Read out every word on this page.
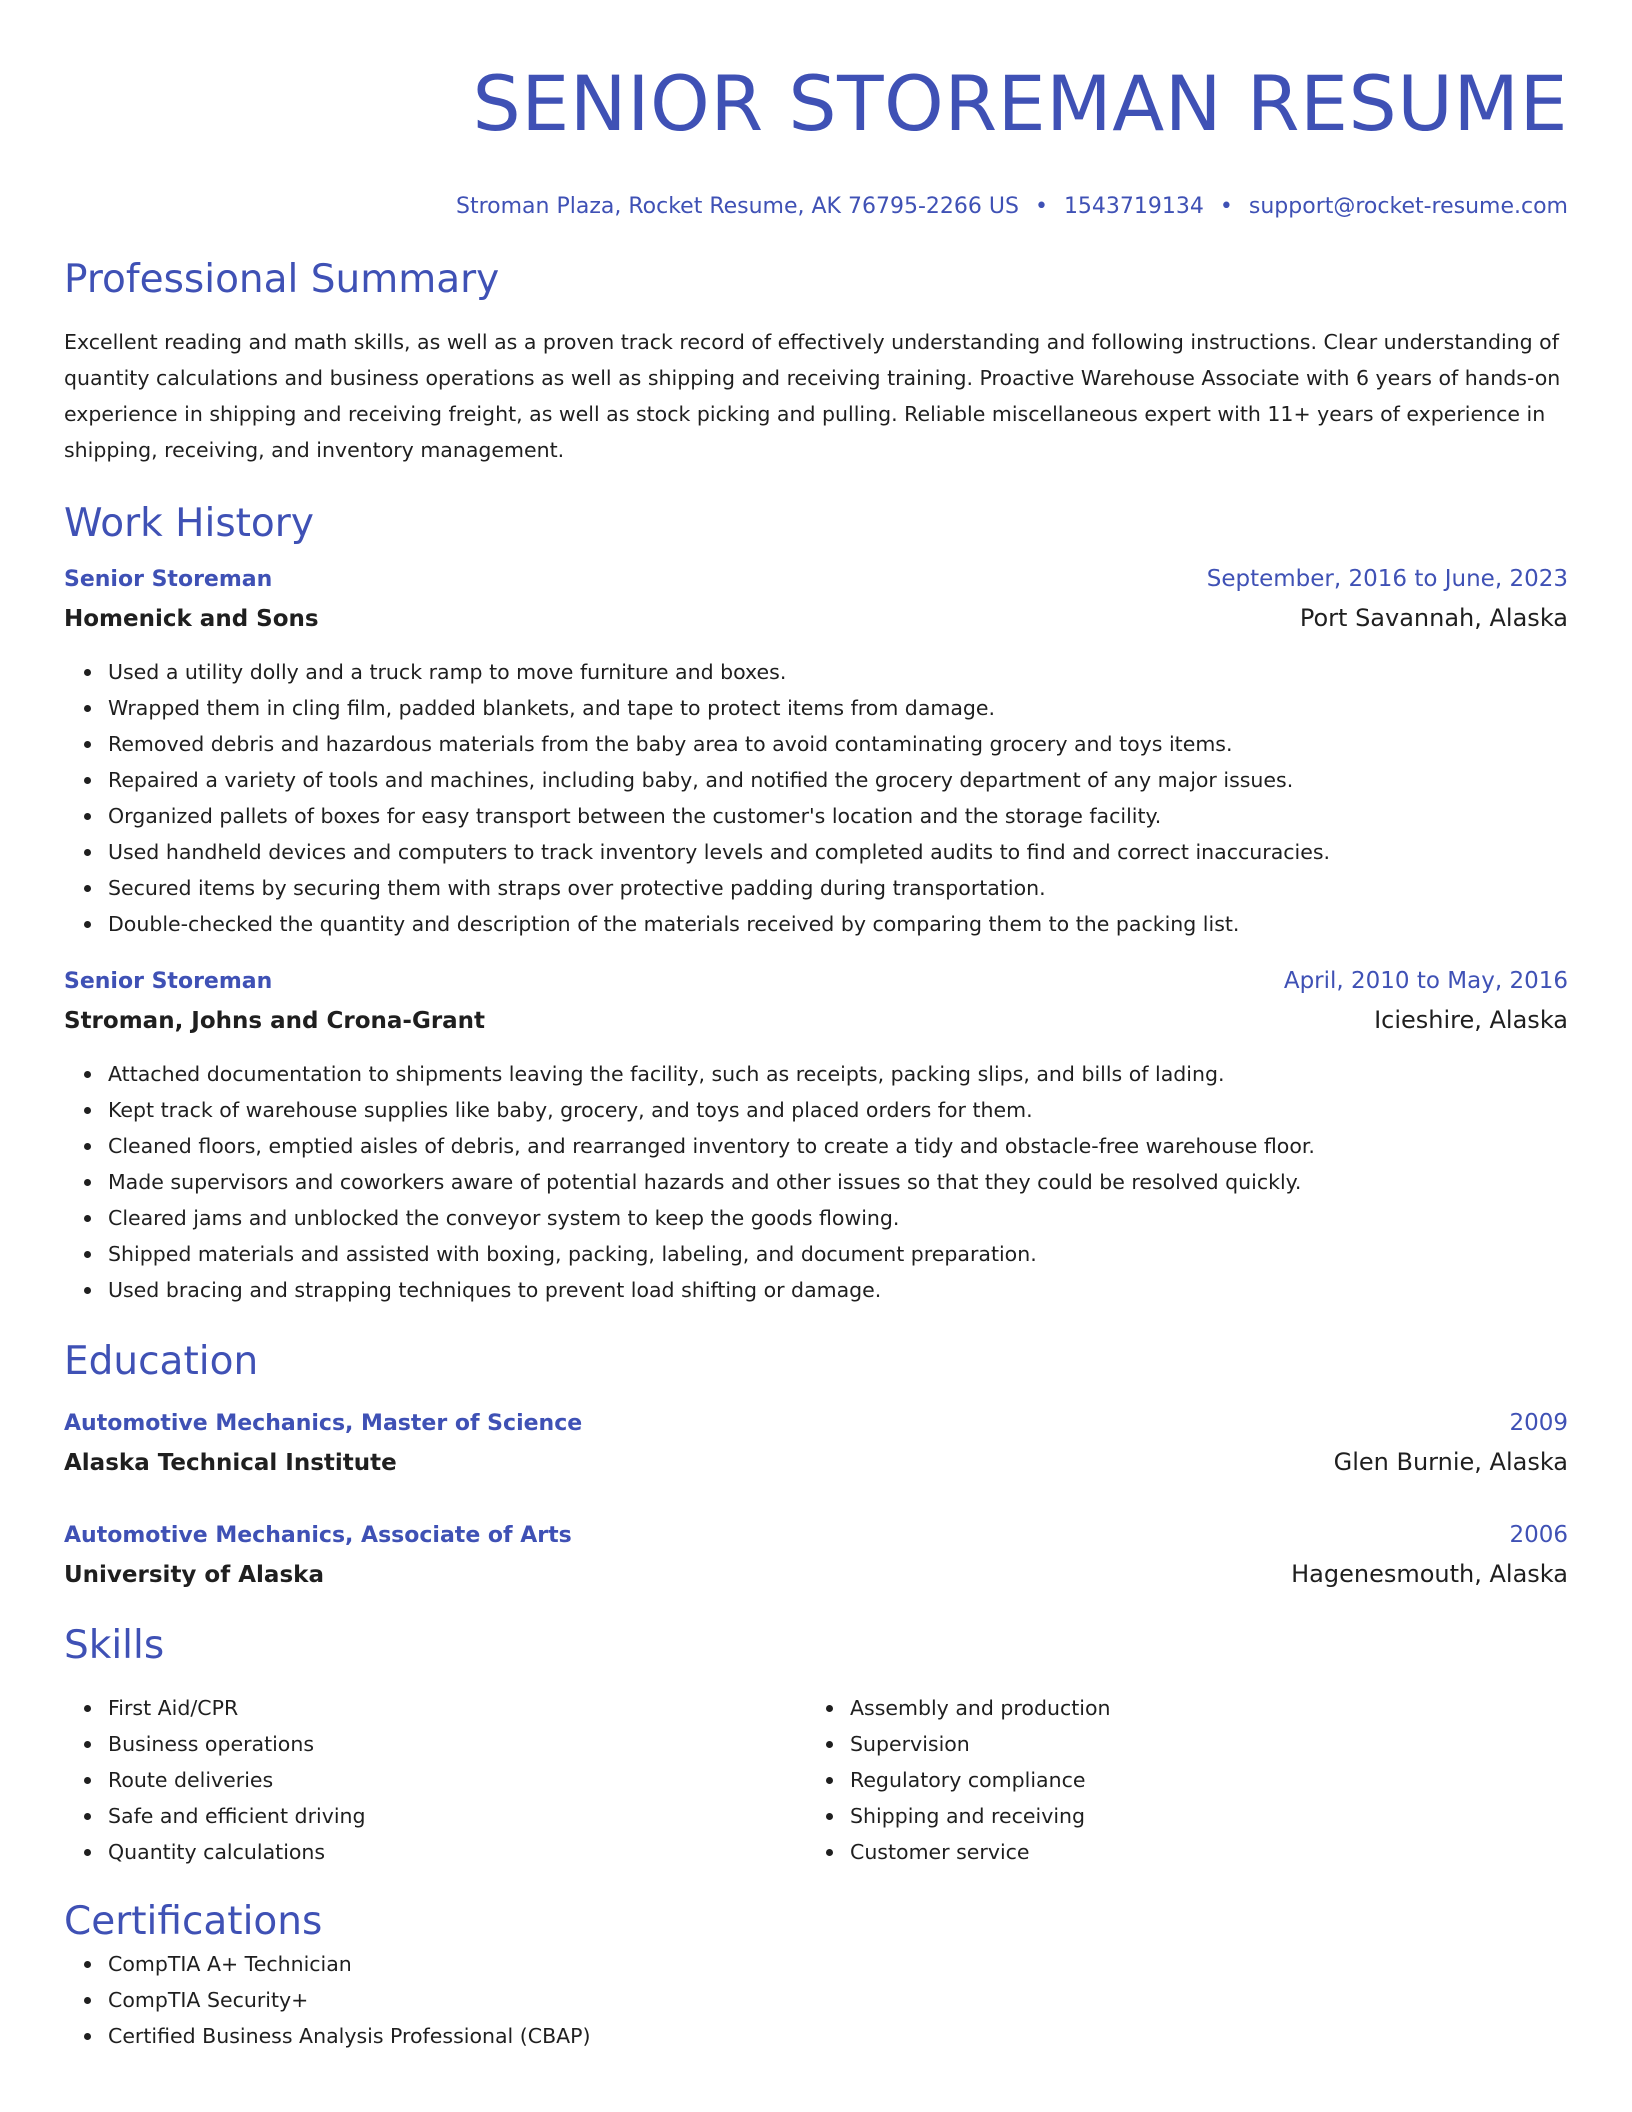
SENIOR STOREMAN RESUME
Stroman Plaza, Rocket Resume, AK 76795-2266 US • 1543719134 • support@rocket-resume.com
Professional Summary

Excellent reading and math skills, as well as a proven track record of effectively understanding and following instructions. Clear understanding of quantity calculations and business operations as well as shipping and receiving training. Proactive Warehouse Associate with 6 years of hands-on experience in shipping and receiving freight, as well as stock picking and pulling. Reliable miscellaneous expert with 11+ years of experience in shipping, receiving, and inventory management.

Work History
Senior Storeman	September, 2016 to June, 2023
Homenick and Sons	Port Savannah, Alaska
Used a utility dolly and a truck ramp to move furniture and boxes.
Wrapped them in cling film, padded blankets, and tape to protect items from damage.
Removed debris and hazardous materials from the baby area to avoid contaminating grocery and toys items.
Repaired a variety of tools and machines, including baby, and notified the grocery department of any major issues.
Organized pallets of boxes for easy transport between the customer's location and the storage facility.
Used handheld devices and computers to track inventory levels and completed audits to find and correct inaccuracies.
Secured items by securing them with straps over protective padding during transportation.
Double-checked the quantity and description of the materials received by comparing them to the packing list.
Senior Storeman	April, 2010 to May, 2016
Stroman, Johns and Crona-Grant	Icieshire, Alaska
Attached documentation to shipments leaving the facility, such as receipts, packing slips, and bills of lading.
Kept track of warehouse supplies like baby, grocery, and toys and placed orders for them.
Cleaned floors, emptied aisles of debris, and rearranged inventory to create a tidy and obstacle-free warehouse floor.
Made supervisors and coworkers aware of potential hazards and other issues so that they could be resolved quickly.
Cleared jams and unblocked the conveyor system to keep the goods flowing.
Shipped materials and assisted with boxing, packing, labeling, and document preparation.
Used bracing and strapping techniques to prevent load shifting or damage.
Education
Automotive Mechanics, Master of Science	2009
Alaska Technical Institute	Glen Burnie, Alaska
Automotive Mechanics, Associate of Arts	2006
University of Alaska	Hagenesmouth, Alaska
Skills
First Aid/CPR
Business operations
Route deliveries
Safe and efficient driving
Quantity calculations
Assembly and production
Supervision
Regulatory compliance
Shipping and receiving
Customer service
Certifications
CompTIA A+ Technician
CompTIA Security+
Certified Business Analysis Professional (CBAP)
